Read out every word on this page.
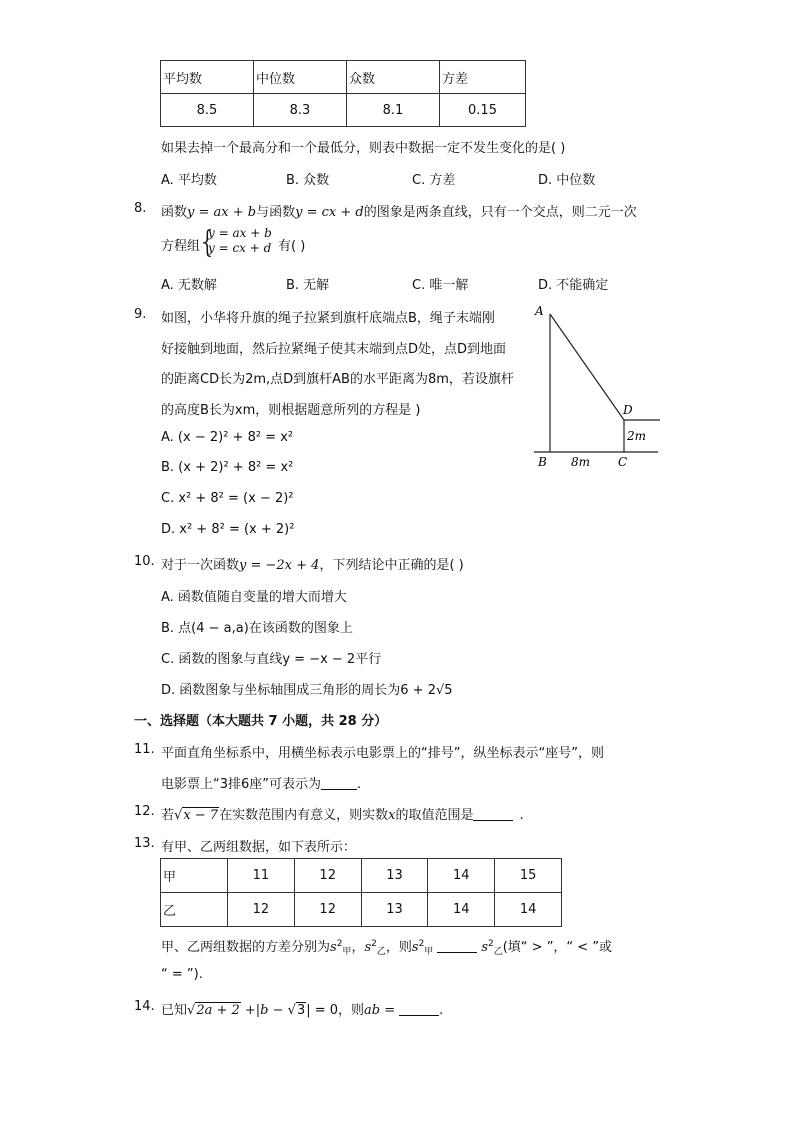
平均数	中位数	众数	方差
8.5	8.3	8.1	0.15
如果去掉一个最高分和一个最低分，则表中数据一定不发生变化的是( )
A. 平均数	B. 众数	C. 方差	D. 中位数
8. 函数y = ax + b与函数y = cx + d的图象是两条直线，只有一个交点，则二元一次
方程组
{
y = ax + b
y = cx + d 有( )
A. 无数解	B. 无解	C. 唯一解	D. 不能确定
9. 如图，小华将升旗的绳子拉紧到旗杆底端点B，绳子末端刚
好接触到地面，然后拉紧绳子使其末端到点D处，点D到地面
的距离CD长为2m,点D到旗杆AB的水平距离为8m，若设旗杆
的高度B长为xm，则根据题意所列的方程是 )
A. (x − 2)² + 8² = x²
B. (x + 2)² + 8² = x²
C. x² + 8² = (x − 2)²
D. x² + 8² = (x + 2)²
A
B	C
D
8m
2m
10. 对于一次函数y = −2x + 4，下列结论中正确的是( )
A. 函数值随自变量的增大而增大
B. 点(4 − a,a)在该函数的图象上
C. 函数的图象与直线y = −x − 2平行
D. 函数图象与坐标轴围成三角形的周长为6 + 2√5
一、选择题（本大题共 7 小题，共 28 分）
11. 平面直角坐标系中，用横坐标表示电影票上的“排号”，纵坐标表示“座号”，则
电影票上“3排6座”可表示为	.
12. 若√x − 7在实数范围内有意义，则实数x的取值范围是	.
13. 有甲、乙两组数据，如下表所示：
甲	11	12	13	14	15
乙	12	12	13	14	14
甲、乙两组数据的方差分别为$s^2_甲$，$s^2_乙$，则$s^2_甲$	$s^2_乙$(填“ > ”，“ < ”或
“ = ”).
14. 已知√2a + 2 +|b − √3| = 0，则ab =	.
